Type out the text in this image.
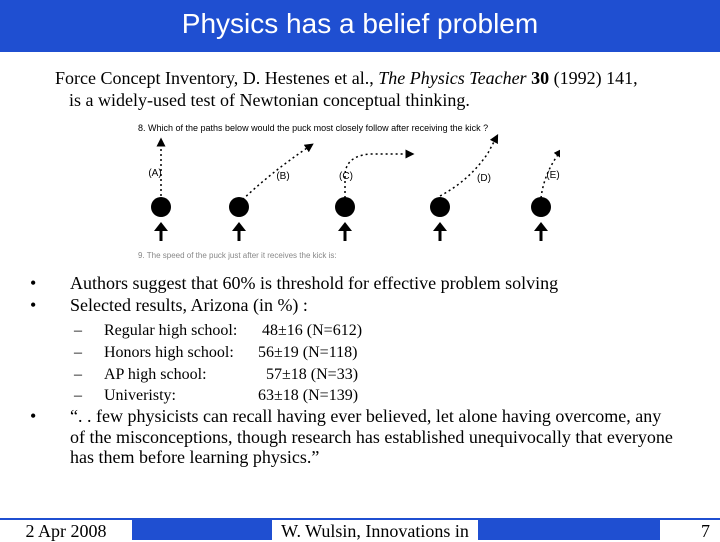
Physics has a belief problem
Force Concept Inventory, D. Hestenes et al., The Physics Teacher 30 (1992) 141,
is a widely-used test of Newtonian conceptual thinking.
8. Which of the paths below would the puck most closely follow after receiving the kick ?
(A)	(B)	(C)	(D)	(E)
9. The speed of the puck just after it receives the kick is:
• Authors suggest that 60% is threshold for effective problem solving
• Selected results, Arizona (in %) :
– Regular high school: 48±16 (N=612)
– Honors high school: 56±19 (N=118)
– AP high school:	57±18 (N=33)
– Univeristy:	63±18 (N=139)
• “. . few physicists can recall having ever believed, let alone having overcome, any of the misconceptions, though research has established unequivocally that everyone has them before learning physics.”
2 Apr 2008	W. Wulsin, Innovations in	7
